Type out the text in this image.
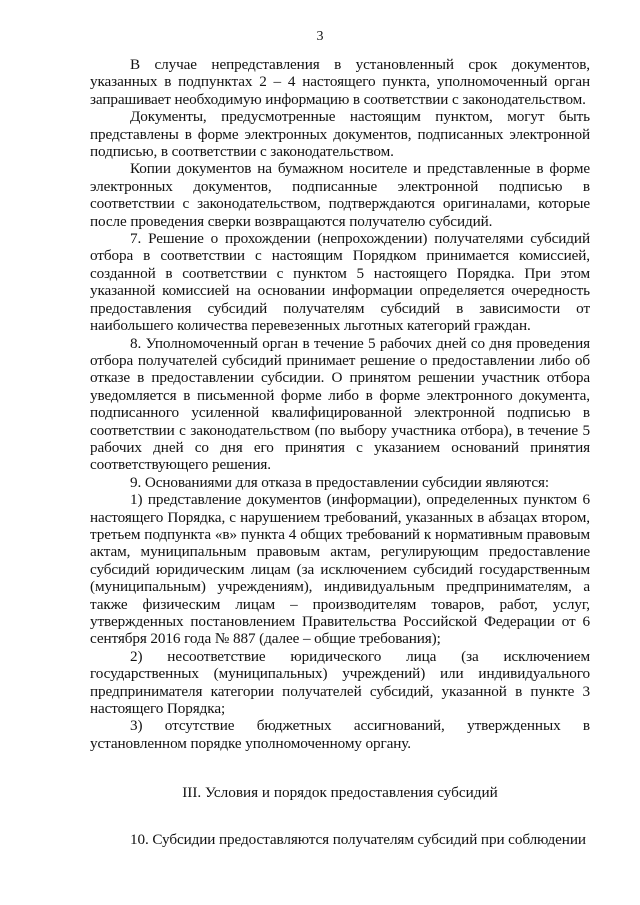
3

В случае непредставления в установленный срок документов, указанных в подпунктах 2 – 4 настоящего пункта, уполномоченный орган запрашивает необходимую информацию в соответствии с законодательством.

Документы, предусмотренные настоящим пунктом, могут быть представлены в форме электронных документов, подписанных электронной подписью, в соответствии с законодательством.

Копии документов на бумажном носителе и представленные в форме электронных документов, подписанные электронной подписью в соответствии с законодательством, подтверждаются оригиналами, которые после проведения сверки возвращаются получателю субсидий.

7. Решение о прохождении (непрохождении) получателями субсидий отбора в соответствии с настоящим Порядком принимается комиссией, созданной в соответствии с пунктом 5 настоящего Порядка. При этом указанной комиссией на основании информации определяется очередность предоставления субсидий получателям субсидий в зависимости от наибольшего количества перевезенных льготных категорий граждан.

8. Уполномоченный орган в течение 5 рабочих дней со дня проведения отбора получателей субсидий принимает решение о предоставлении либо об отказе в предоставлении субсидии. О принятом решении участник отбора уведомляется в письменной форме либо в форме электронного документа, подписанного усиленной квалифицированной электронной подписью в соответствии с законодательством (по выбору участника отбора), в течение 5 рабочих дней со дня его принятия с указанием оснований принятия соответствующего решения.

9. Основаниями для отказа в предоставлении субсидии являются:

1) представление документов (информации), определенных пунктом 6 настоящего Порядка, с нарушением требований, указанных в абзацах втором, третьем подпункта «в» пункта 4 общих требований к нормативным правовым актам, муниципальным правовым актам, регулирующим предоставление субсидий юридическим лицам (за исключением субсидий государственным (муниципальным) учреждениям), индивидуальным предпринимателям, а также физическим лицам – производителям товаров, работ, услуг, утвержденных постановлением Правительства Российской Федерации от 6 сентября 2016 года № 887 (далее – общие требования);

2) несоответствие юридического лица (за исключением государственных (муниципальных) учреждений) или индивидуального предпринимателя категории получателей субсидий, указанной в пункте 3 настоящего Порядка;

3) отсутствие бюджетных ассигнований, утвержденных в установленном порядке уполномоченному органу.

III. Условия и порядок предоставления субсидий

10. Субсидии предоставляются получателям субсидий при соблюдении
